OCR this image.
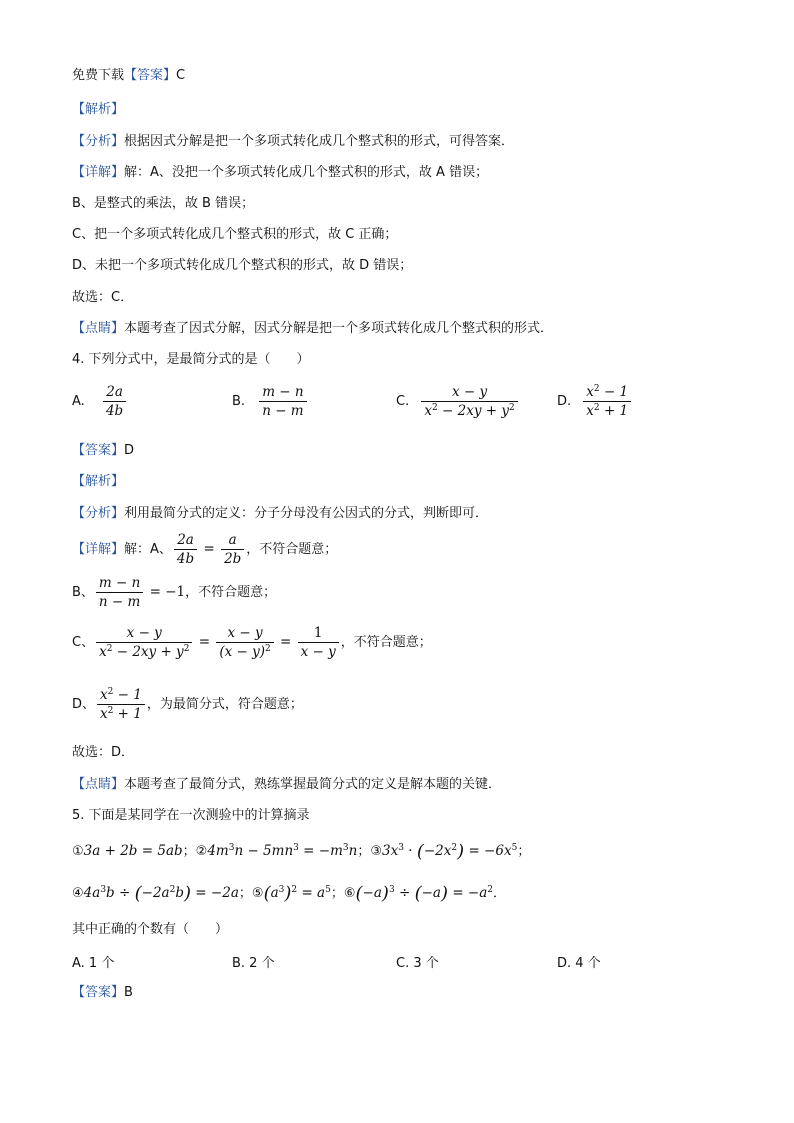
免费下载【答案】C
【解析】
【分析】根据因式分解是把一个多项式转化成几个整式积的形式，可得答案．
【详解】解：A、没把一个多项式转化成几个整式积的形式，故 A 错误；
B、是整式的乘法，故 B 错误；
C、把一个多项式转化成几个整式积的形式，故 C 正确；
D、未把一个多项式转化成几个整式积的形式，故 D 错误；
故选：C．
【点睛】本题考查了因式分解，因式分解是把一个多项式转化成几个整式积的形式．
4. 下列分式中，是最简分式的是（　　）
A. $\frac{2a}{4b}$	B. $\frac{m - n}{n - m}$	C. $\frac{x - y}{x^2 - 2xy + y^2}$	D. $\frac{x^2 - 1}{x^2 + 1}$
【答案】D
【解析】
【分析】利用最简分式的定义：分子分母没有公因式的分式，判断即可．
【详解】解：A、 $\frac{2a}{4b} = \frac{a}{2b}$ ，不符合题意；
B、 $\frac{m - n}{n - m} = -1$，不符合题意；
C、 $\frac{x - y}{x^2 - 2xy + y^2} = \frac{x - y}{(x - y)^2} = \frac{1}{x - y}$ ，不符合题意；
D、 $\frac{x^2 - 1}{x^2 + 1}$ ，为最简分式，符合题意；
故选：D．
【点睛】本题考查了最简分式，熟练掌握最简分式的定义是解本题的关键．
5. 下面是某同学在一次测验中的计算摘录
①3a + 2b = 5ab；$②4m^3n - 5mn^3 = -m^3n$；$③3x^3 \cdot (-2x^2) = -6x^5$；
$④4a^3b \div (-2a^2b) = -2a$；$⑤(a^3)^2 = a^5$；$⑥(-a)^3 \div (-a) = -a^2$．
其中正确的个数有（　　）
A. 1 个	B. 2 个	C. 3 个	D. 4 个
【答案】B
